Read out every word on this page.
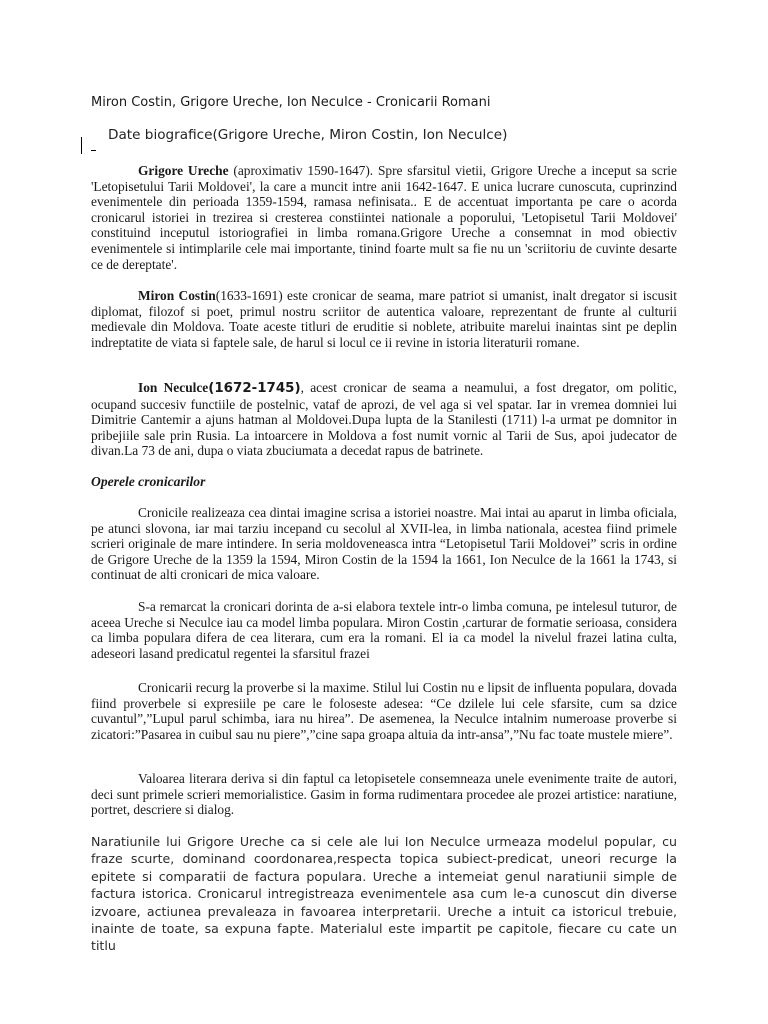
Miron Costin, Grigore Ureche, Ion Neculce - Cronicarii Romani
Date biografice(Grigore Ureche, Miron Costin, Ion Neculce)

Grigore Ureche (aproximativ 1590-1647). Spre sfarsitul vietii, Grigore Ureche a inceput sa scrie 'Letopisetului Tarii Moldovei', la care a muncit intre anii 1642-1647. E unica lucrare cunoscuta, cuprinzind evenimentele din perioada 1359-1594, ramasa nefinisata.. E de accentuat importanta pe care o acorda cronicarul istoriei in trezirea si cresterea constiintei nationale a poporului, 'Letopisetul Tarii Moldovei' constituind inceputul istoriografiei in limba romana.Grigore Ureche a consemnat in mod obiectiv evenimentele si intimplarile cele mai importante, tinind foarte mult sa fie nu un 'scriitoriu de cuvinte desarte ce de dereptate'.

Miron Costin(1633-1691) este cronicar de seama, mare patriot si umanist, inalt dregator si iscusit diplomat, filozof si poet, primul nostru scriitor de autentica valoare, reprezentant de frunte al culturii medievale din Moldova. Toate aceste titluri de eruditie si noblete, atribuite marelui inaintas sint pe deplin indreptatite de viata si faptele sale, de harul si locul ce ii revine in istoria literaturii romane.

Ion Neculce(1672-1745), acest cronicar de seama a neamului, a fost dregator, om politic, ocupand succesiv functiile de postelnic, vataf de aprozi, de vel aga si vel spatar. Iar in vremea domniei lui Dimitrie Cantemir a ajuns hatman al Moldovei.Dupa lupta de la Stanilesti (1711) l-a urmat pe domnitor in pribejiile sale prin Rusia. La intoarcere in Moldova a fost numit vornic al Tarii de Sus, apoi judecator de divan.La 73 de ani, dupa o viata zbuciumata a decedat rapus de batrinete.

Operele cronicarilor

Cronicile realizeaza cea dintai imagine scrisa a istoriei noastre. Mai intai au aparut in limba oficiala, pe atunci slovona, iar mai tarziu incepand cu secolul al XVII-lea, in limba nationala, acestea fiind primele scrieri originale de mare intindere. In seria moldoveneasca intra “Letopisetul Tarii Moldovei” scris in ordine de Grigore Ureche de la 1359 la 1594, Miron Costin de la 1594 la 1661, Ion Neculce de la 1661 la 1743, si continuat de alti cronicari de mica valoare.

S-a remarcat la cronicari dorinta de a-si elabora textele intr-o limba comuna, pe intelesul tuturor, de aceea Ureche si Neculce iau ca model limba populara. Miron Costin ,carturar de formatie serioasa, considera ca limba populara difera de cea literara, cum era la romani. El ia ca model la nivelul frazei latina culta, adeseori lasand predicatul regentei la sfarsitul frazei

Cronicarii recurg la proverbe si la maxime. Stilul lui Costin nu e lipsit de influenta populara, dovada fiind proverbele si expresiile pe care le foloseste adesea: “Ce dzilele lui cele sfarsite, cum sa dzice cuvantul”,”Lupul parul schimba, iara nu hirea”. De asemenea, la Neculce intalnim numeroase proverbe si zicatori:”Pasarea in cuibul sau nu piere”,”cine sapa groapa altuia da intr-ansa”,”Nu fac toate mustele miere”.

Valoarea literara deriva si din faptul ca letopisetele consemneaza unele evenimente traite de autori, deci sunt primele scrieri memorialistice. Gasim in forma rudimentara procedee ale prozei artistice: naratiune, portret, descriere si dialog.

Naratiunile lui Grigore Ureche ca si cele ale lui Ion Neculce urmeaza modelul popular, cu fraze scurte, dominand coordonarea,respecta topica subiect-predicat, uneori recurge la epitete si comparatii de factura populara. Ureche a intemeiat genul naratiunii simple de factura istorica. Cronicarul intregistreaza evenimentele asa cum le-a cunoscut din diverse izvoare, actiunea prevaleaza in favoarea interpretarii. Ureche a intuit ca istoricul trebuie, inainte de toate, sa expuna fapte. Materialul este impartit pe capitole, fiecare cu cate un titlu
